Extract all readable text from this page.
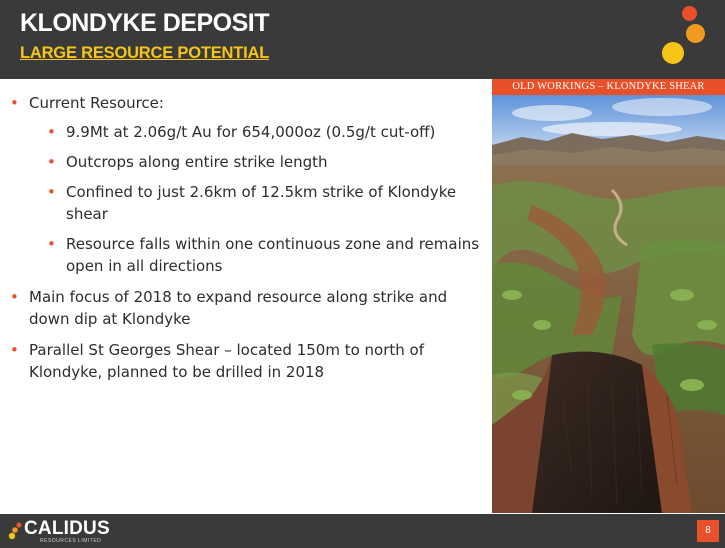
KLONDYKE DEPOSIT
LARGE RESOURCE POTENTIAL
• Current Resource:
• 9.9Mt at 2.06g/t Au for 654,000oz (0.5g/t cut-off)
• Outcrops along entire strike length
• Confined to just 2.6km of 12.5km strike of Klondyke
shear
• Resource falls within one continuous zone and remains
open in all directions
• Main focus of 2018 to expand resource along strike and
down dip at Klondyke
• Parallel St Georges Shear – located 150m to north of
Klondyke, planned to be drilled in 2018
OLD WORKINGS – KLONDYKE SHEAR
CALIDUS
RESOURCES LIMITED
8
